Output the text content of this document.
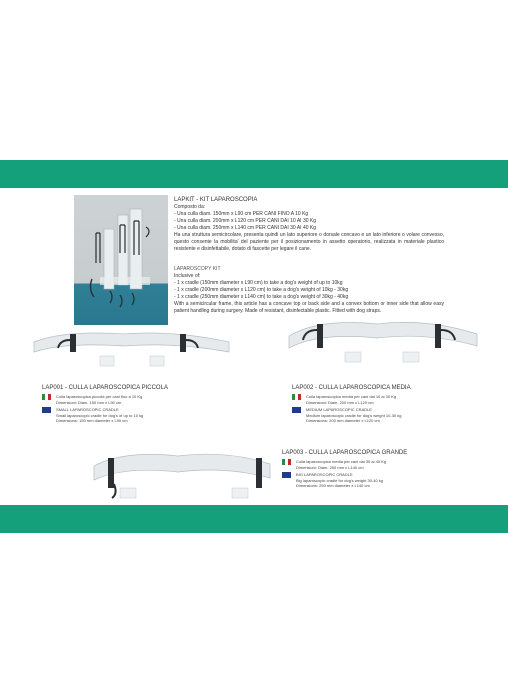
LAPKIT - KIT LAPAROSCOPIA
Composto da:
- Una culla diam. 150mm x L90 cm PER CANI FINO A 10 Kg
- Una culla diam. 200mm x L120 cm PER CANI DAI 10 AI 30 Kg
- Una culla diam. 250mm x L140 cm PER CANI DAI 30 AI 40 Kg
Ha una struttura semicircolare, presenta quindi un lato superiore o dorsale concavo e un lato inferiore o volare convesso, questo consente la mobilita' del paziente per il posizionamento in assetto operatorio, realizzata in materiale plastico resistente e disinfettabile, dotato di fascette per legare il cane.
LAPAROSCOPY KIT
Inclusive of:
- 1 x cradle (150mm diameter x L90 cm) to take a dog's weight of up to 10kg
- 1 x cradle (200mm diameter x L120 cm) to take a dog's weight of 10kg - 30kg
- 1 x cradle (250mm diameter x L140 cm) to take a dog's weight of 30kg - 40kg
With a semicircular frame, this article has a concave top or back side and a convex bottom or inner side that allow easy patient handling during surgery. Made of resistant, disinfectable plastic. Fitted with dog straps.
LAP001 - CULLA LAPAROSCOPICA PICCOLA
Culla laparoscopica piccola per cani fino a 10 Kg
Dimensioni: Diam. 150 mm x L90 cm
SMALL LAPAROSCOPIC CRADLE
Small laparoscopic cradle for dog's of up to 10 kg
Dimensions: 150 mm diameter x L90 cm
LAP002 - CULLA LAPAROSCOPICA MEDIA
Culla laparoscopica media per cani dai 10 ai 30 Kg
Dimensioni: Diam. 200 mm x L120 cm
MEDIUM LAPAROSCOPIC CRADLE
Medium laparoscopic cradle for dog's weight 10-30 kg
Dimensions: 200 mm diameter x L120 cm
LAP003 - CULLA LAPAROSCOPICA GRANDE
Culla laparoscopica media per cani dai 30 ai 40 Kg
Dimensioni: Diam. 250 mm x L140 cm
BIG LAPAROSCOPIC CRADLE
Big laparoscopic cradle for dog's weight 30-40 kg
Dimensions: 250 mm diameter x L140 cm
